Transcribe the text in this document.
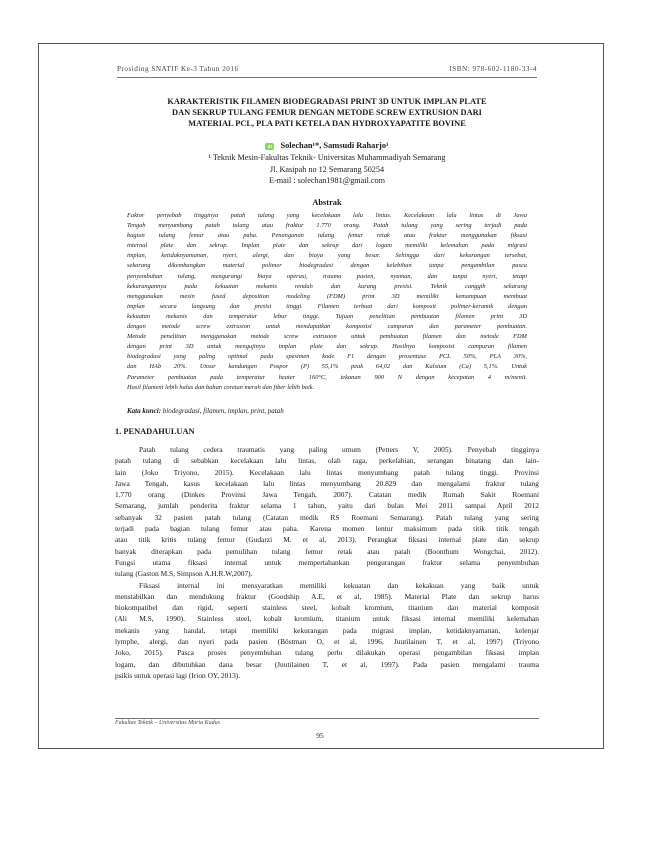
Prosiding SNATIF Ke-3 Tahun 2016	ISBN: 978-602-1180-33-4
KARAKTERISTIK FILAMEN BIODEGRADASI PRINT 3D UNTUK IMPLAN PLATE
DAN SEKRUP TULANG FEMUR DENGAN METODE SCREW EXTRUSION DARI
MATERIAL PCL, PLA PATI KETELA DAN HYDROXYAPATITE BOVINE
iD Solechan¹*, Samsudi Raharjo¹
¹ Teknik Mesin-Fakultas Teknik- Universitas Muhammadiyah Semarang
Jl. Kasipah no 12 Semarang 50254
E-mail : solechan1981@gmail.com
Abstrak
Faktor penyebab tingginya patah tulang yang kecelakaan lalu lintas. Kecelakaan lalu lintas di Jawa
Tengah menyumbang patah tulang atau fraktur 1.770 orang. Patah tulang yang sering terjadi pada
bagian tulang femur atau paha. Penanganan tulang femur retak atau fraktur menggunakan fiksasi
internal plate dan sekrup. Implan plate dan sekrup dari logam memiliki kelemahan pada migrasi
implan, ketidaknyamanan, nyeri, alergi, dan biaya yang besar. Sehingga dari kekurangan tersebut,
sekarang dikembangkan material polimer biodegradasi dengan kelebihan tanpa pengambilan pasca
penyembuhan tulang, mengurangi biaya operasi, trauma pasien, nyaman, dan tanpa nyeri, tetapi
kekurangannya pada kekuatan mekanis rendah dan kurang presisi. Teknik canggih sekarang
menggunakan mesin fused deposition modeling (FDM) print 3D memiliki kemampuan membuat
implan secara langsung dan presisi tinggi. Filamen terbuat dari komposit polimer-keramik dengan
kekuatan mekanis dan temperatur lebur tinggi. Tujuan penelitian pembuatan filamen print 3D
dengan metode screw extrusion untuk mendapatkan komposisi campuran dan parameter pembuatan.
Metode penelitian menggunakan metode screw extrusion untuk pembuatan filamen dan metode FDM
dengan print 3D untuk mengujinya implan plate dan sekrup. Hasilnya komposisi campuran filamen
biodegradasi yang paling optimal pada spesimen kode F1 dengan prosentase PCL 50%, PLA 30%,
dan HAb 20%. Unsur kandungan Pospor (P) 55,1% peak 64,02 dan Kalsium (Ca) 5,1%. Untuk
Parameter pembuatan pada temperatur heater 160°C, tekanan 900 N dengan kecepatan 4 m/menit.
Hasil filament lebih halus dan bahan coretan merah dan fiber lebih baik.
Kata kunci: biodegradasi, filamen, implan, print, patah
1. PENADAHULUAN
Patah tulang cedera traumatis yang paling umum (Petters V, 2005). Penyebab tingginya
patah tulang di sebabkan kecelakaan lalu lintas, olah raga, perkelahian, serangan binatang dan lain-
lain (Joko Triyono, 2015). Kecelakaan lalu lintas menyumbang patah tulang tinggi. Provinsi
Jawa Tengah, kasus kecelakaan lalu lintas menyumbang 20.829 dan mengalami fraktur tulang
1.770 orang (Dinkes Provinsi Jawa Tengah, 2007). Catatan medik Rumah Sakit Roemani
Semarang, jumlah penderita fraktur selama 1 tahun, yaitu dari bulan Mei 2011 sampai April 2012
sebanyak 32 pasien patah tulang (Catatan medik RS Roemani Semarang). Patah tulang yang sering
terjadi pada bagian tulang femur atau paha. Karena momen lentur maksimum pada titik titik tengah
atau titik kritis tulang femur (Gudarzi M. et al, 2013). Perangkat fiksasi internal plate dan sekrup
banyak diterapkan pada pemulihan tulang femur retak atau patah (Boonthum Wongchai, 2012).
Fungsi utama fiksasi internal untuk mempertahankan pengurangan fraktur selama penyembuhan
tulang (Gaston M.S, Simpson A.H.R.W,2007).
Fiksasi internal ini mensyaratkan memiliki kekuatan dan kekakuan yang baik untuk
menstabilkan dan mendukung fraktur (Goodship A.E, et al, 1985). Material Plate dan sekrup harus
biokompatibel dan rigid, seperti stainless steel, kobalt kromium, titanium dan material komposit
(Ali M.S, 1990). Stainless steel, kobalt kromium, titanium untuk fiksasi internal memiliki kelemahan
mekanis yang handal, tetapi memiliki kekurangan pada migrasi implan, ketidaknyamanan, kelenjar
lymphe, alergi, dan nyeri pada pasien (Böstman O, et al, 1996, Juutilainen T, et al, 1997) (Triyono
Joko, 2015). Pasca proses penyembuhan tulang perlu dilakukan operasi pengambilan fiksasi implan
logam, dan dibutuhkan dana besar (Juutilainen T, et al, 1997). Pada pasien mengalami trauma
psikis untuk operasi lagi (Irion OY, 2013).
Fakultas Teknik – Universitas Muria Kudus
95
